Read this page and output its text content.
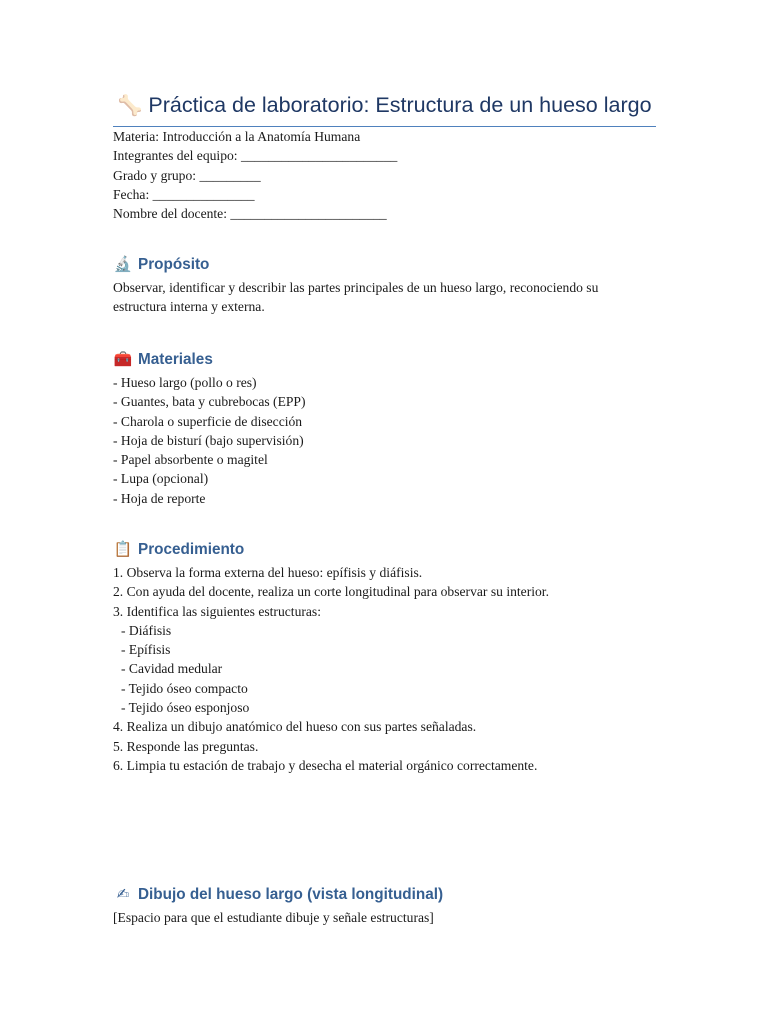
🦴 Práctica de laboratorio: Estructura de un hueso largo
Materia: Introducción a la Anatomía Humana
Integrantes del equipo: _______________________
Grado y grupo: _________
Fecha: _______________
Nombre del docente: _______________________
🔬 Propósito
Observar, identificar y describir las partes principales de un hueso largo, reconociendo su estructura interna y externa.
🧰 Materiales
- Hueso largo (pollo o res)
- Guantes, bata y cubrebocas (EPP)
- Charola o superficie de disección
- Hoja de bisturí (bajo supervisión)
- Papel absorbente o magitel
- Lupa (opcional)
- Hoja de reporte
📋 Procedimiento
1. Observa la forma externa del hueso: epífisis y diáfisis.
2. Con ayuda del docente, realiza un corte longitudinal para observar su interior.
3. Identifica las siguientes estructuras:
- Diáfisis
- Epífisis
- Cavidad medular
- Tejido óseo compacto
- Tejido óseo esponjoso
4. Realiza un dibujo anatómico del hueso con sus partes señaladas.
5. Responde las preguntas.
6. Limpia tu estación de trabajo y desecha el material orgánico correctamente.
✍ Dibujo del hueso largo (vista longitudinal)
[Espacio para que el estudiante dibuje y señale estructuras]
